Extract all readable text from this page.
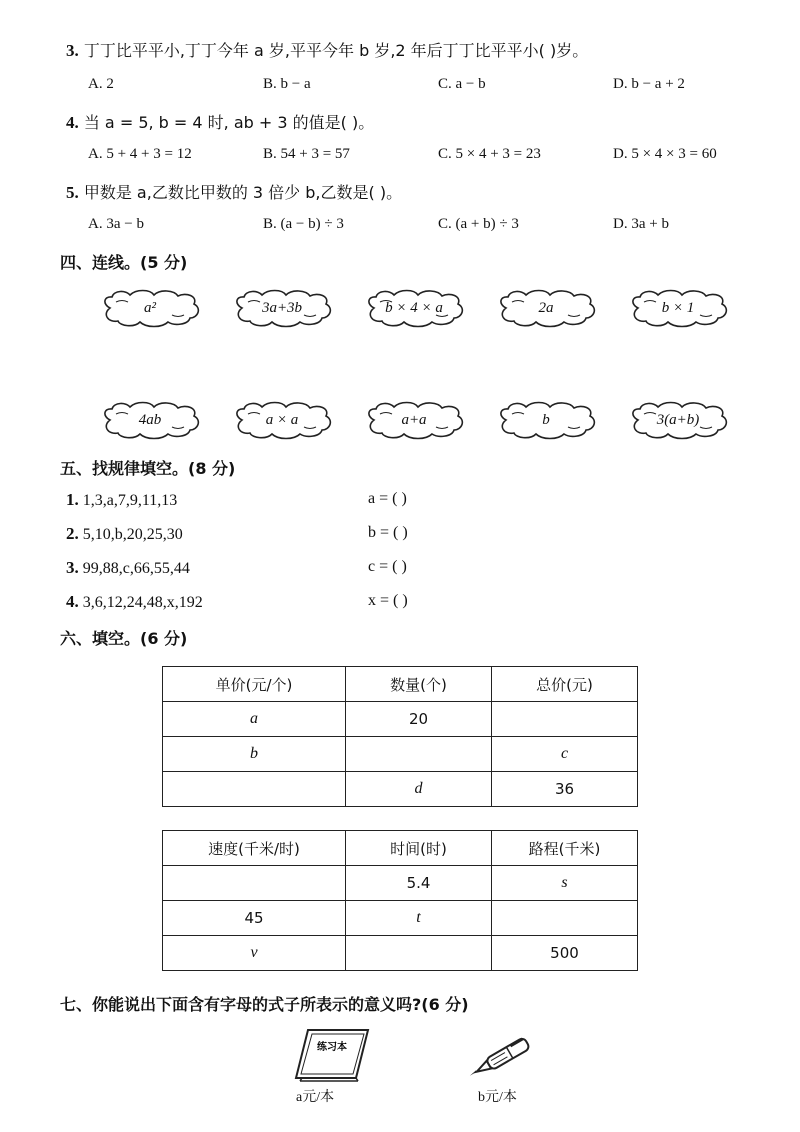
3. 丁丁比平平小,丁丁今年 a 岁,平平今年 b 岁,2 年后丁丁比平平小( )岁。
A. 2	B. b − a	C. a − b	D. b − a + 2
4. 当 a = 5, b = 4 时, ab + 3 的值是( )。
A. 5 + 4 + 3 = 12	B. 54 + 3 = 57	C. 5 × 4 + 3 = 23	D. 5 × 4 × 3 = 60
5. 甲数是 a,乙数比甲数的 3 倍少 b,乙数是( )。
A. 3a − b	B. (a − b) ÷ 3	C. (a + b) ÷ 3	D. 3a + b
四、连线。(5 分)
a²	3a+3b	b × 4 × a	2a	b × 1
4ab	a × a	a+a	b	3(a+b)
五、找规律填空。(8 分)
1. 1,3,a,7,9,11,13	a = ( )
2. 5,10,b,20,25,30	b = ( )
3. 99,88,c,66,55,44	c = ( )
4. 3,6,12,24,48,x,192	x = ( )
六、填空。(6 分)
单价(元/个)	数量(个)	总价(元)
a	20	
b		c
	d	36
速度(千米/时)	时间(时)	路程(千米)
	5.4	s
45	t	
v		500
七、你能说出下面含有字母的式子所表示的意义吗?(6 分)
练习本
a元/本	b元/本
